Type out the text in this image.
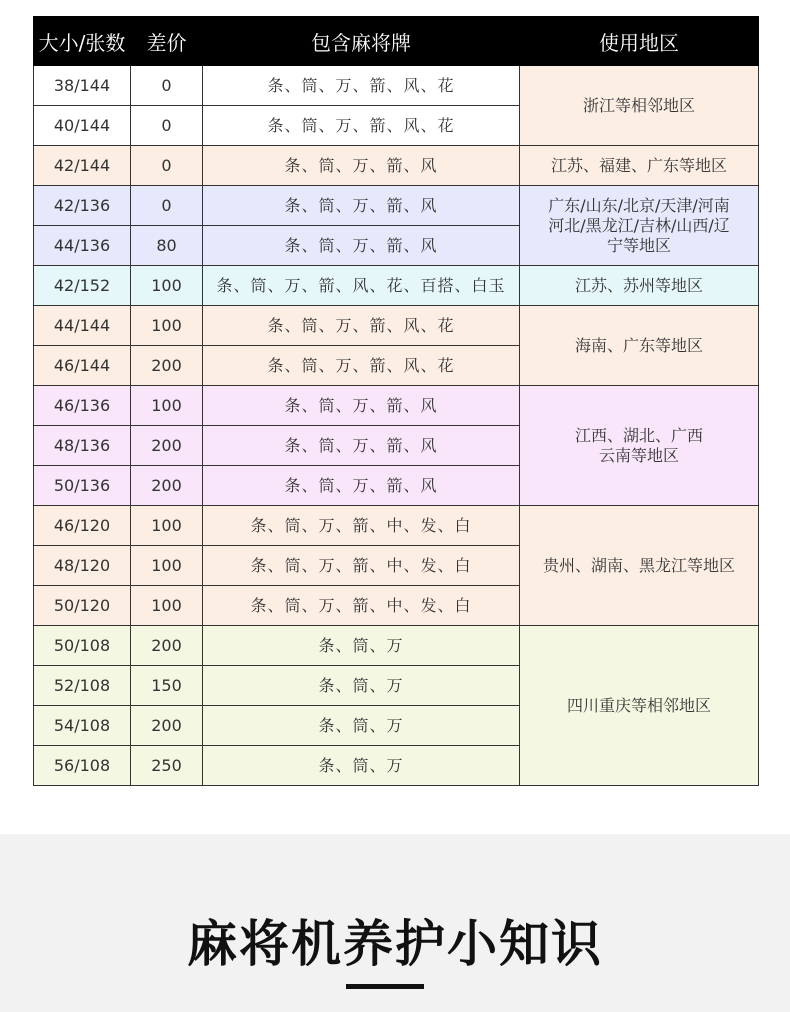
大小/张数	差价	包含麻将牌	使用地区
38/144	0	条、筒、万、箭、风、花	浙江等相邻地区
40/144	0	条、筒、万、箭、风、花	
42/144	0	条、筒、万、箭、风	江苏、福建、广东等地区
42/136	0	条、筒、万、箭、风	广东/山东/北京/天津/河南
河北/黑龙江/吉林/山西/辽
宁等地区

44/136	80	条、筒、万、箭、风	
42/152	100	条、筒、万、箭、风、花、百搭、白玉	江苏、苏州等地区
44/144	100	条、筒、万、箭、风、花	海南、广东等地区
46/144	200	条、筒、万、箭、风、花	
46/136	100	条、筒、万、箭、风	江西、湖北、广西
云南等地区

48/136	200	条、筒、万、箭、风	
50/136	200	条、筒、万、箭、风	
46/120	100	条、筒、万、箭、中、发、白	贵州、湖南、黑龙江等地区
48/120	100	条、筒、万、箭、中、发、白	
50/120	100	条、筒、万、箭、中、发、白	
50/108	200	条、筒、万	四川重庆等相邻地区
52/108	150	条、筒、万	
54/108	200	条、筒、万	
56/108	250	条、筒、万	
麻将机养护小知识
